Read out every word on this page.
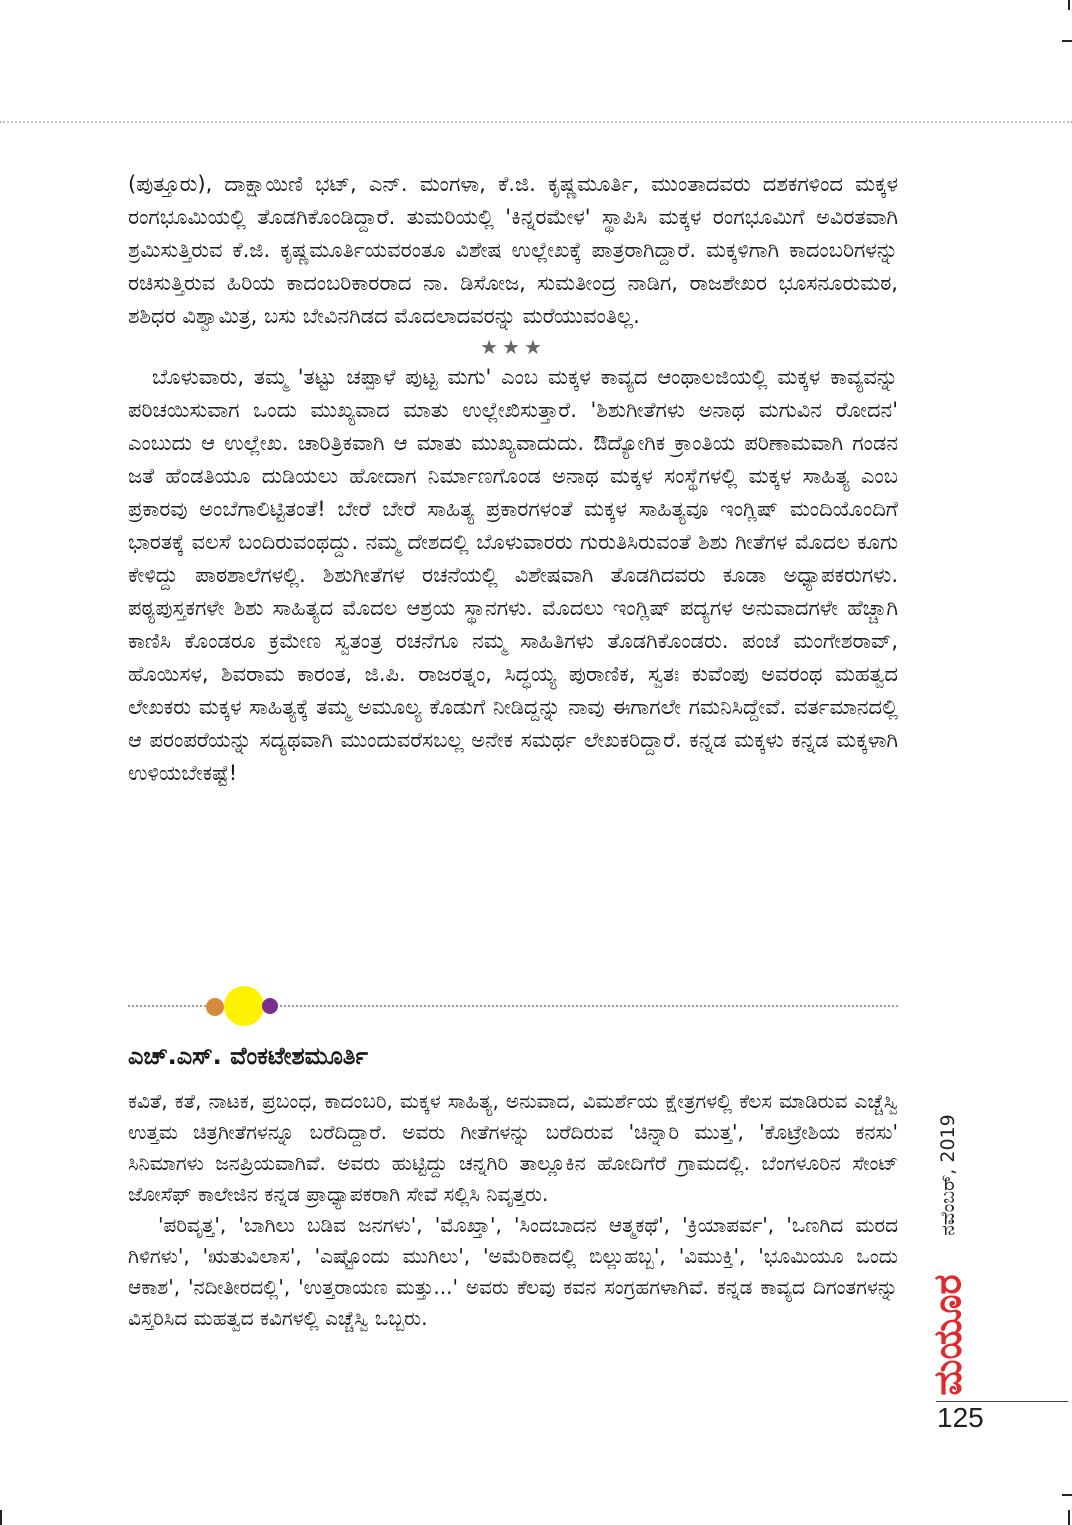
(ಪುತ್ತೂರು), ದಾಕ್ಷಾಯಿಣಿ ಭಟ್, ಎನ್. ಮಂಗಳಾ, ಕೆ.ಜಿ. ಕೃಷ್ಣಮೂರ್ತಿ, ಮುಂತಾದವರು ದಶಕಗಳಿಂದ ಮಕ್ಕಳ ರಂಗಭೂಮಿಯಲ್ಲಿ ತೊಡಗಿಕೊಂಡಿದ್ದಾರೆ. ತುಮರಿಯಲ್ಲಿ 'ಕಿನ್ನರಮೇಳ' ಸ್ಥಾಪಿಸಿ ಮಕ್ಕಳ ರಂಗಭೂಮಿಗೆ ಅವಿರತವಾಗಿ ಶ್ರಮಿಸುತ್ತಿರುವ ಕೆ.ಜಿ. ಕೃಷ್ಣಮೂರ್ತಿಯವರಂತೂ ವಿಶೇಷ ಉಲ್ಲೇಖಕ್ಕೆ ಪಾತ್ರರಾಗಿದ್ದಾರೆ. ಮಕ್ಕಳಿಗಾಗಿ ಕಾದಂಬರಿಗಳನ್ನು ರಚಿಸುತ್ತಿರುವ ಹಿರಿಯ ಕಾದಂಬರಿಕಾರರಾದ ನಾ. ಡಿಸೋಜ, ಸುಮತೀಂದ್ರ ನಾಡಿಗ, ರಾಜಶೇಖರ ಭೂಸನೂರುಮಠ, ಶಶಿಧರ ವಿಶ್ವಾಮಿತ್ರ, ಬಸು ಬೇವಿನಗಿಡದ ಮೊದಲಾದವರನ್ನು ಮರೆಯುವಂತಿಲ್ಲ.

★★★

ಬೊಳುವಾರು, ತಮ್ಮ 'ತಟ್ಟು ಚಪ್ಪಾಳೆ ಪುಟ್ಟ ಮಗು' ಎಂಬ ಮಕ್ಕಳ ಕಾವ್ಯದ ಆಂಥಾಲಜಿಯಲ್ಲಿ ಮಕ್ಕಳ ಕಾವ್ಯವನ್ನು ಪರಿಚಯಿಸುವಾಗ ಒಂದು ಮುಖ್ಯವಾದ ಮಾತು ಉಲ್ಲೇಖಿಸುತ್ತಾರೆ. 'ಶಿಶುಗೀತೆಗಳು ಅನಾಥ ಮಗುವಿನ ರೋದನ' ಎಂಬುದು ಆ ಉಲ್ಲೇಖ. ಚಾರಿತ್ರಿಕವಾಗಿ ಆ ಮಾತು ಮುಖ್ಯವಾದುದು. ಔದ್ಯೋಗಿಕ ಕ್ರಾಂತಿಯ ಪರಿಣಾಮವಾಗಿ ಗಂಡನ ಜತೆ ಹೆಂಡತಿಯೂ ದುಡಿಯಲು ಹೋದಾಗ ನಿರ್ಮಾಣಗೊಂಡ ಅನಾಥ ಮಕ್ಕಳ ಸಂಸ್ಥೆಗಳಲ್ಲಿ ಮಕ್ಕಳ ಸಾಹಿತ್ಯ ಎಂಬ ಪ್ರಕಾರವು ಅಂಬೆಗಾಲಿಟ್ಟಿತಂತೆ! ಬೇರೆ ಬೇರೆ ಸಾಹಿತ್ಯ ಪ್ರಕಾರಗಳಂತೆ ಮಕ್ಕಳ ಸಾಹಿತ್ಯವೂ ಇಂಗ್ಲಿಷ್ ಮಂದಿಯೊಂದಿಗೆ ಭಾರತಕ್ಕೆ ವಲಸೆ ಬಂದಿರುವಂಥದ್ದು. ನಮ್ಮ ದೇಶದಲ್ಲಿ ಬೊಳುವಾರರು ಗುರುತಿಸಿರುವಂತೆ ಶಿಶು ಗೀತೆಗಳ ಮೊದಲ ಕೂಗು ಕೇಳಿದ್ದು ಪಾಠಶಾಲೆಗಳಲ್ಲಿ. ಶಿಶುಗೀತೆಗಳ ರಚನೆಯಲ್ಲಿ ವಿಶೇಷವಾಗಿ ತೊಡಗಿದವರು ಕೂಡಾ ಅಧ್ಯಾಪಕರುಗಳು. ಪಠ್ಯಪುಸ್ತಕಗಳೇ ಶಿಶು ಸಾಹಿತ್ಯದ ಮೊದಲ ಆಶ್ರಯ ಸ್ಥಾನಗಳು. ಮೊದಲು ಇಂಗ್ಲಿಷ್ ಪದ್ಯಗಳ ಅನುವಾದಗಳೇ ಹೆಚ್ಚಾಗಿ ಕಾಣಿಸಿ ಕೊಂಡರೂ ಕ್ರಮೇಣ ಸ್ವತಂತ್ರ ರಚನೆಗೂ ನಮ್ಮ ಸಾಹಿತಿಗಳು ತೊಡಗಿಕೊಂಡರು. ಪಂಜೆ ಮಂಗೇಶರಾವ್, ಹೊಯಿಸಳ, ಶಿವರಾಮ ಕಾರಂತ, ಜಿ.ಪಿ. ರಾಜರತ್ನಂ, ಸಿದ್ಧಯ್ಯ ಪುರಾಣಿಕ, ಸ್ವತಃ ಕುವೆಂಪು ಅವರಂಥ ಮಹತ್ವದ ಲೇಖಕರು ಮಕ್ಕಳ ಸಾಹಿತ್ಯಕ್ಕೆ ತಮ್ಮ ಅಮೂಲ್ಯ ಕೊಡುಗೆ ನೀಡಿದ್ದನ್ನು ನಾವು ಈಗಾಗಲೇ ಗಮನಿಸಿದ್ದೇವೆ. ವರ್ತಮಾನದಲ್ಲಿ ಆ ಪರಂಪರೆಯನ್ನು ಸದ್ಯಥವಾಗಿ ಮುಂದುವರೆಸಬಲ್ಲ ಅನೇಕ ಸಮರ್ಥ ಲೇಖಕರಿದ್ದಾರೆ. ಕನ್ನಡ ಮಕ್ಕಳು ಕನ್ನಡ ಮಕ್ಕಳಾಗಿ ಉಳಿಯಬೇಕಷ್ಟೆ!

ಎಚ್.ಎಸ್. ವೆಂಕಟೇಶಮೂರ್ತಿ

ಕವಿತೆ, ಕತೆ, ನಾಟಕ, ಪ್ರಬಂಧ, ಕಾದಂಬರಿ, ಮಕ್ಕಳ ಸಾಹಿತ್ಯ, ಅನುವಾದ, ವಿಮರ್ಶೆಯ ಕ್ಷೇತ್ರಗಳಲ್ಲಿ ಕೆಲಸ ಮಾಡಿರುವ ಎಚ್ಚೆಸ್ವಿ ಉತ್ತಮ ಚಿತ್ರಗೀತೆಗಳನ್ನೂ ಬರೆದಿದ್ದಾರೆ. ಅವರು ಗೀತೆಗಳನ್ನು ಬರೆದಿರುವ 'ಚಿನ್ನಾರಿ ಮುತ್ತ', 'ಕೊಟ್ರೇಶಿಯ ಕನಸು' ಸಿನಿಮಾಗಳು ಜನಪ್ರಿಯವಾಗಿವೆ. ಅವರು ಹುಟ್ಟಿದ್ದು ಚನ್ನಗಿರಿ ತಾಲ್ಲೂಕಿನ ಹೋದಿಗೆರೆ ಗ್ರಾಮದಲ್ಲಿ. ಬೆಂಗಳೂರಿನ ಸೇಂಟ್ ಜೋಸೆಫ್ ಕಾಲೇಜಿನ ಕನ್ನಡ ಪ್ರಾಧ್ಯಾಪಕರಾಗಿ ಸೇವೆ ಸಲ್ಲಿಸಿ ನಿವೃತ್ತರು.

'ಪರಿವೃತ್ತ', 'ಬಾಗಿಲು ಬಡಿವ ಜನಗಳು', 'ಮೊಖ್ತಾ', 'ಸಿಂದಬಾದನ ಆತ್ಮಕಥೆ', 'ಕ್ರಿಯಾಪರ್ವ', 'ಒಣಗಿದ ಮರದ ಗಿಳಿಗಳು', 'ಋತುವಿಲಾಸ', 'ಎಷ್ಟೊಂದು ಮುಗಿಲು', 'ಅಮೆರಿಕಾದಲ್ಲಿ ಬಿಲ್ಲುಹಬ್ಬ', 'ವಿಮುಕ್ತಿ', 'ಭೂಮಿಯೂ ಒಂದು ಆಕಾಶ', 'ನದೀತೀರದಲ್ಲಿ', 'ಉತ್ತರಾಯಣ ಮತ್ತು...' ಅವರು ಕೆಲವು ಕವನ ಸಂಗ್ರಹಗಳಾಗಿವೆ. ಕನ್ನಡ ಕಾವ್ಯದ ದಿಗಂತಗಳನ್ನು ವಿಸ್ತರಿಸಿದ ಮಹತ್ವದ ಕವಿಗಳಲ್ಲಿ ಎಚ್ಚೆಸ್ವಿ ಒಬ್ಬರು.

ನವೆಂಬರ್, 2019
ಮಯೂರ
125
